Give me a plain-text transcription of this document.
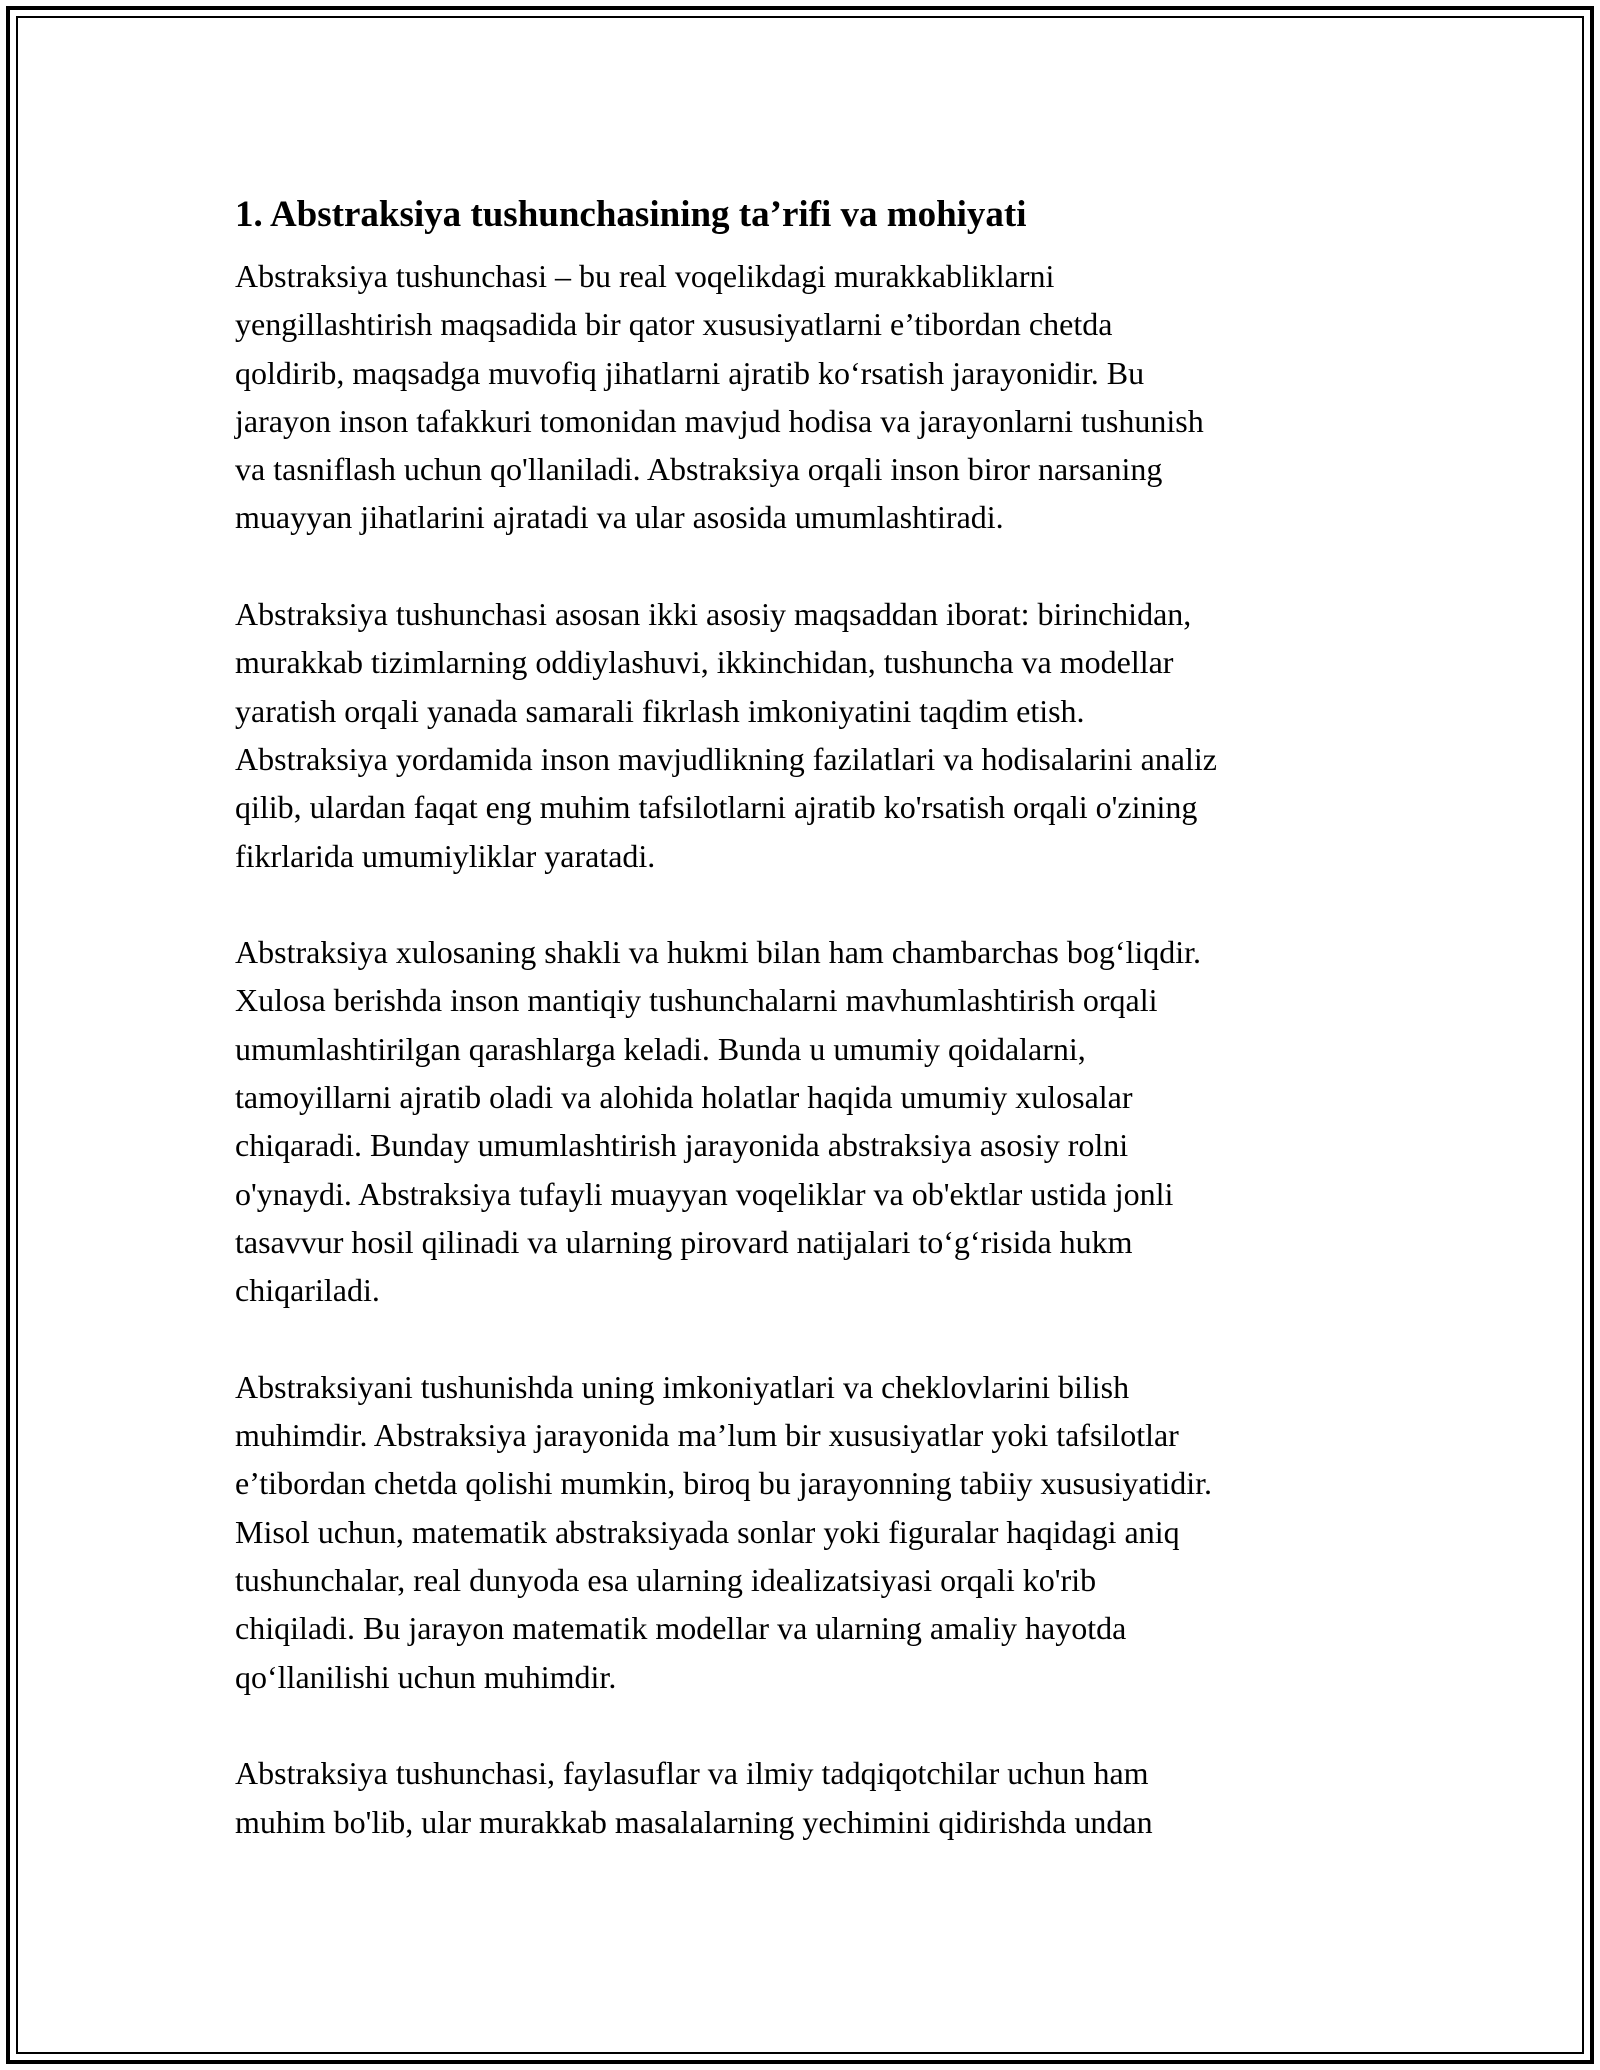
1. Abstraksiya tushunchasining ta’rifi va mohiyati

Abstraksiya tushunchasi – bu real voqelikdagi murakkabliklarni
yengillashtirish maqsadida bir qator xususiyatlarni e’tibordan chetda
qoldirib, maqsadga muvofiq jihatlarni ajratib ko‘rsatish jarayonidir. Bu
jarayon inson tafakkuri tomonidan mavjud hodisa va jarayonlarni tushunish
va tasniflash uchun qo'llaniladi. Abstraksiya orqali inson biror narsaning
muayyan jihatlarini ajratadi va ular asosida umumlashtiradi.

Abstraksiya tushunchasi asosan ikki asosiy maqsaddan iborat: birinchidan,
murakkab tizimlarning oddiylashuvi, ikkinchidan, tushuncha va modellar
yaratish orqali yanada samarali fikrlash imkoniyatini taqdim etish.
Abstraksiya yordamida inson mavjudlikning fazilatlari va hodisalarini analiz
qilib, ulardan faqat eng muhim tafsilotlarni ajratib ko'rsatish orqali o'zining
fikrlarida umumiyliklar yaratadi.

Abstraksiya xulosaning shakli va hukmi bilan ham chambarchas bog‘liqdir.
Xulosa berishda inson mantiqiy tushunchalarni mavhumlashtirish orqali
umumlashtirilgan qarashlarga keladi. Bunda u umumiy qoidalarni,
tamoyillarni ajratib oladi va alohida holatlar haqida umumiy xulosalar
chiqaradi. Bunday umumlashtirish jarayonida abstraksiya asosiy rolni
o'ynaydi. Abstraksiya tufayli muayyan voqeliklar va ob'ektlar ustida jonli
tasavvur hosil qilinadi va ularning pirovard natijalari to‘g‘risida hukm
chiqariladi.

Abstraksiyani tushunishda uning imkoniyatlari va cheklovlarini bilish
muhimdir. Abstraksiya jarayonida ma’lum bir xususiyatlar yoki tafsilotlar
e’tibordan chetda qolishi mumkin, biroq bu jarayonning tabiiy xususiyatidir.
Misol uchun, matematik abstraksiyada sonlar yoki figuralar haqidagi aniq
tushunchalar, real dunyoda esa ularning idealizatsiyasi orqali ko'rib
chiqiladi. Bu jarayon matematik modellar va ularning amaliy hayotda
qo‘llanilishi uchun muhimdir.

Abstraksiya tushunchasi, faylasuflar va ilmiy tadqiqotchilar uchun ham
muhim bo'lib, ular murakkab masalalarning yechimini qidirishda undan
